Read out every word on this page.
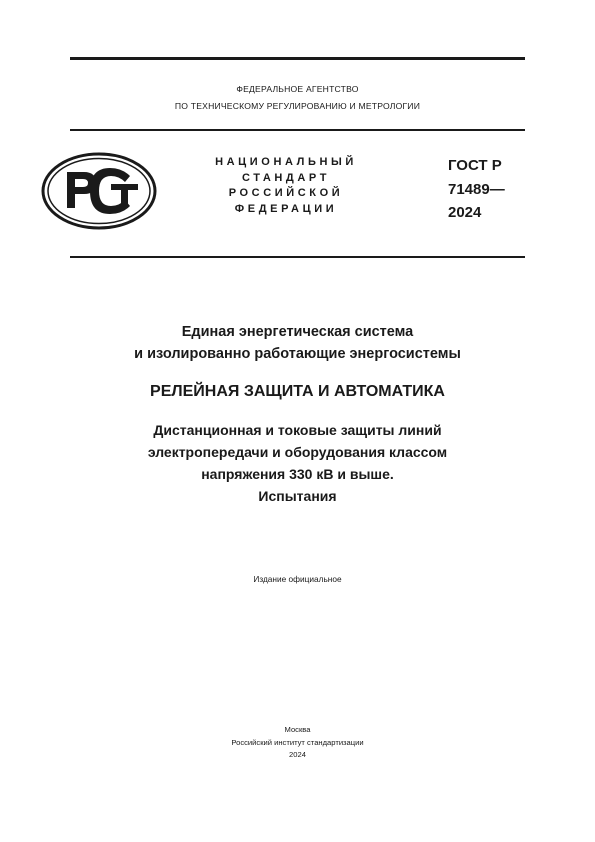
ФЕДЕРАЛЬНОЕ АГЕНТСТВО
ПО ТЕХНИЧЕСКОМУ РЕГУЛИРОВАНИЮ И МЕТРОЛОГИИ
НАЦИОНАЛЬНЫЙ
СТАНДАРТ
РОССИЙСКОЙ
ФЕДЕРАЦИИ
ГОСТ Р
71489—
2024
Единая энергетическая система
и изолированно работающие энергосистемы
РЕЛЕЙНАЯ ЗАЩИТА И АВТОМАТИКА
Дистанционная и токовые защиты линий
электропередачи и оборудования классом
напряжения 330 кВ и выше.
Испытания
Издание официальное
Москва
Российский институт стандартизации
2024
